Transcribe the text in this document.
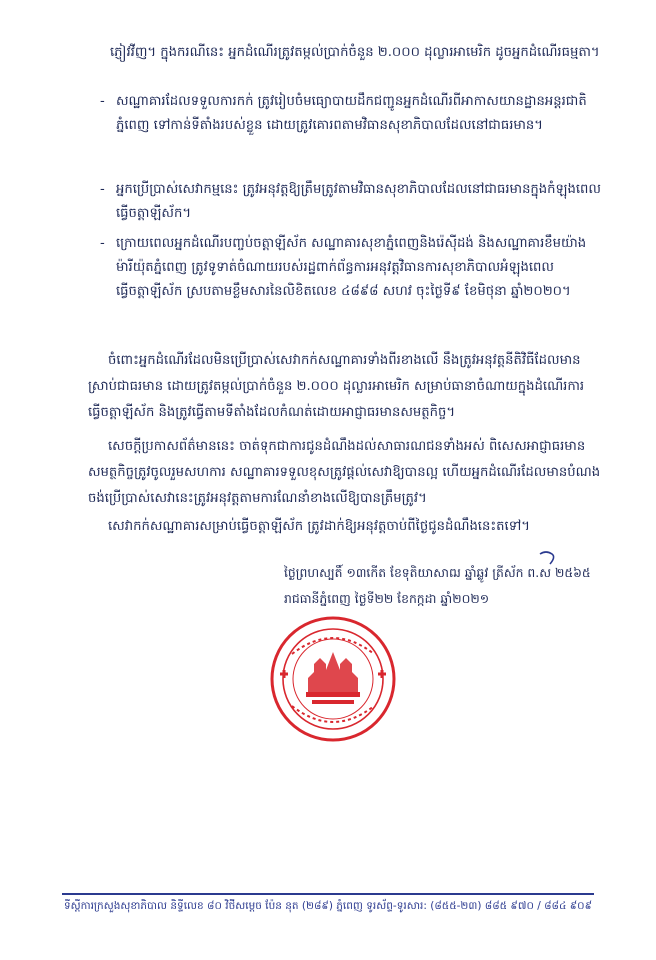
ភ្ញៀវវីញ។ ក្នុងករណីនេះ អ្នកដំណើរត្រូវតម្កល់ប្រាក់ចំនួន ២.០០០ ដុល្លារអាមេរិក ដូចអ្នកដំណើរធម្មតា។

- សណ្ឋាគារដែលទទួលការកក់ ត្រូវរៀបចំមធ្យោបាយដឹកជញ្ជូនអ្នកដំណើរពីអាកាសយានដ្ឋានអន្តរជាតិភ្នំពេញ ទៅកាន់ទីតាំងរបស់ខ្លួន ដោយត្រូវគោរពតាមវិធានសុខាភិបាលដែលនៅជាធរមាន។
- អ្នកប្រើប្រាស់សេវាកម្មនេះ ត្រូវអនុវត្តឱ្យត្រឹមត្រូវតាមវិធានសុខាភិបាលដែលនៅជាធរមានក្នុងកំឡុងពេលធ្វើចត្តាឡីស័ក។
- ក្រោយពេលអ្នកដំណើរបញ្ចប់ចត្តាឡីស័ក សណ្ឋាគារសុខាភ្នំពេញនិងរ៉េស៊ីដង់ និងសណ្ឋាគារខឹមយ៉ាងម៉ារីយ៉ុតភ្នំពេញ ត្រូវទូទាត់ចំណាយរបស់រដ្ឋពាក់ព័ន្ធការអនុវត្តវិធានការសុខាភិបាលអំឡុងពេលធ្វើចត្តាឡីស័ក ស្របតាមខ្លឹមសារនៃលិខិតលេខ ៤៨៩៨ សហវ ចុះថ្ងៃទី៩ ខែមិថុនា ឆ្នាំ២០២០។

ចំពោះអ្នកដំណើរដែលមិនប្រើប្រាស់សេវាកក់សណ្ឋាគារទាំងពីរខាងលើ នឹងត្រូវអនុវត្តនីតិវិធីដែលមានស្រាប់ជាធរមាន ដោយត្រូវតម្កល់ប្រាក់ចំនួន ២.០០០ ដុល្លារអាមេរិក សម្រាប់ធានាចំណាយក្នុងដំណើរការធ្វើចត្តាឡីស័ក និងត្រូវធ្វើតាមទីតាំងដែលកំណត់ដោយអាជ្ញាធរមានសមត្ថកិច្ច។

សេចក្ដីប្រកាសព័ត៌មាននេះ ចាត់ទុកជាការជូនដំណឹងដល់សាធារណជនទាំងអស់ ពិសេសអាជ្ញាធរមានសមត្ថកិច្ចត្រូវចូលរួមសហការ សណ្ឋាគារទទួលខុសត្រូវផ្ដល់សេវាឱ្យបានល្អ ហើយអ្នកដំណើរដែលមានបំណងចង់ប្រើប្រាស់សេវានេះត្រូវអនុវត្តតាមការណែនាំខាងលើឱ្យបានត្រឹមត្រូវ។

សេវាកក់សណ្ឋាគារសម្រាប់ធ្វើចត្តាឡីស័ក ត្រូវដាក់ឱ្យអនុវត្តចាប់ពីថ្ងៃជូនដំណឹងនេះតទៅ។

ថ្ងៃព្រហស្បតិ៍ ១៣កើត ខែទុតិយាសាឍ ឆ្នាំឆ្លូវ ត្រីស័ក ព.ស ២៥៦៥

រាជធានីភ្នំពេញ ថ្ងៃទី២២ ខែកក្កដា ឆ្នាំ២០២១

ទីស្តីការក្រសួងសុខាភិបាល និទ្ទីលេខ ៨០ វិថីសម្តេច ប៉ែន នុត (២៨៩) ភ្នំពេញ ទូរស័ព្ទ-ទូរសារ: (៨៥៥-២៣) ៨៨៥ ៩៧០ / ៨៨៤ ៩០៩
